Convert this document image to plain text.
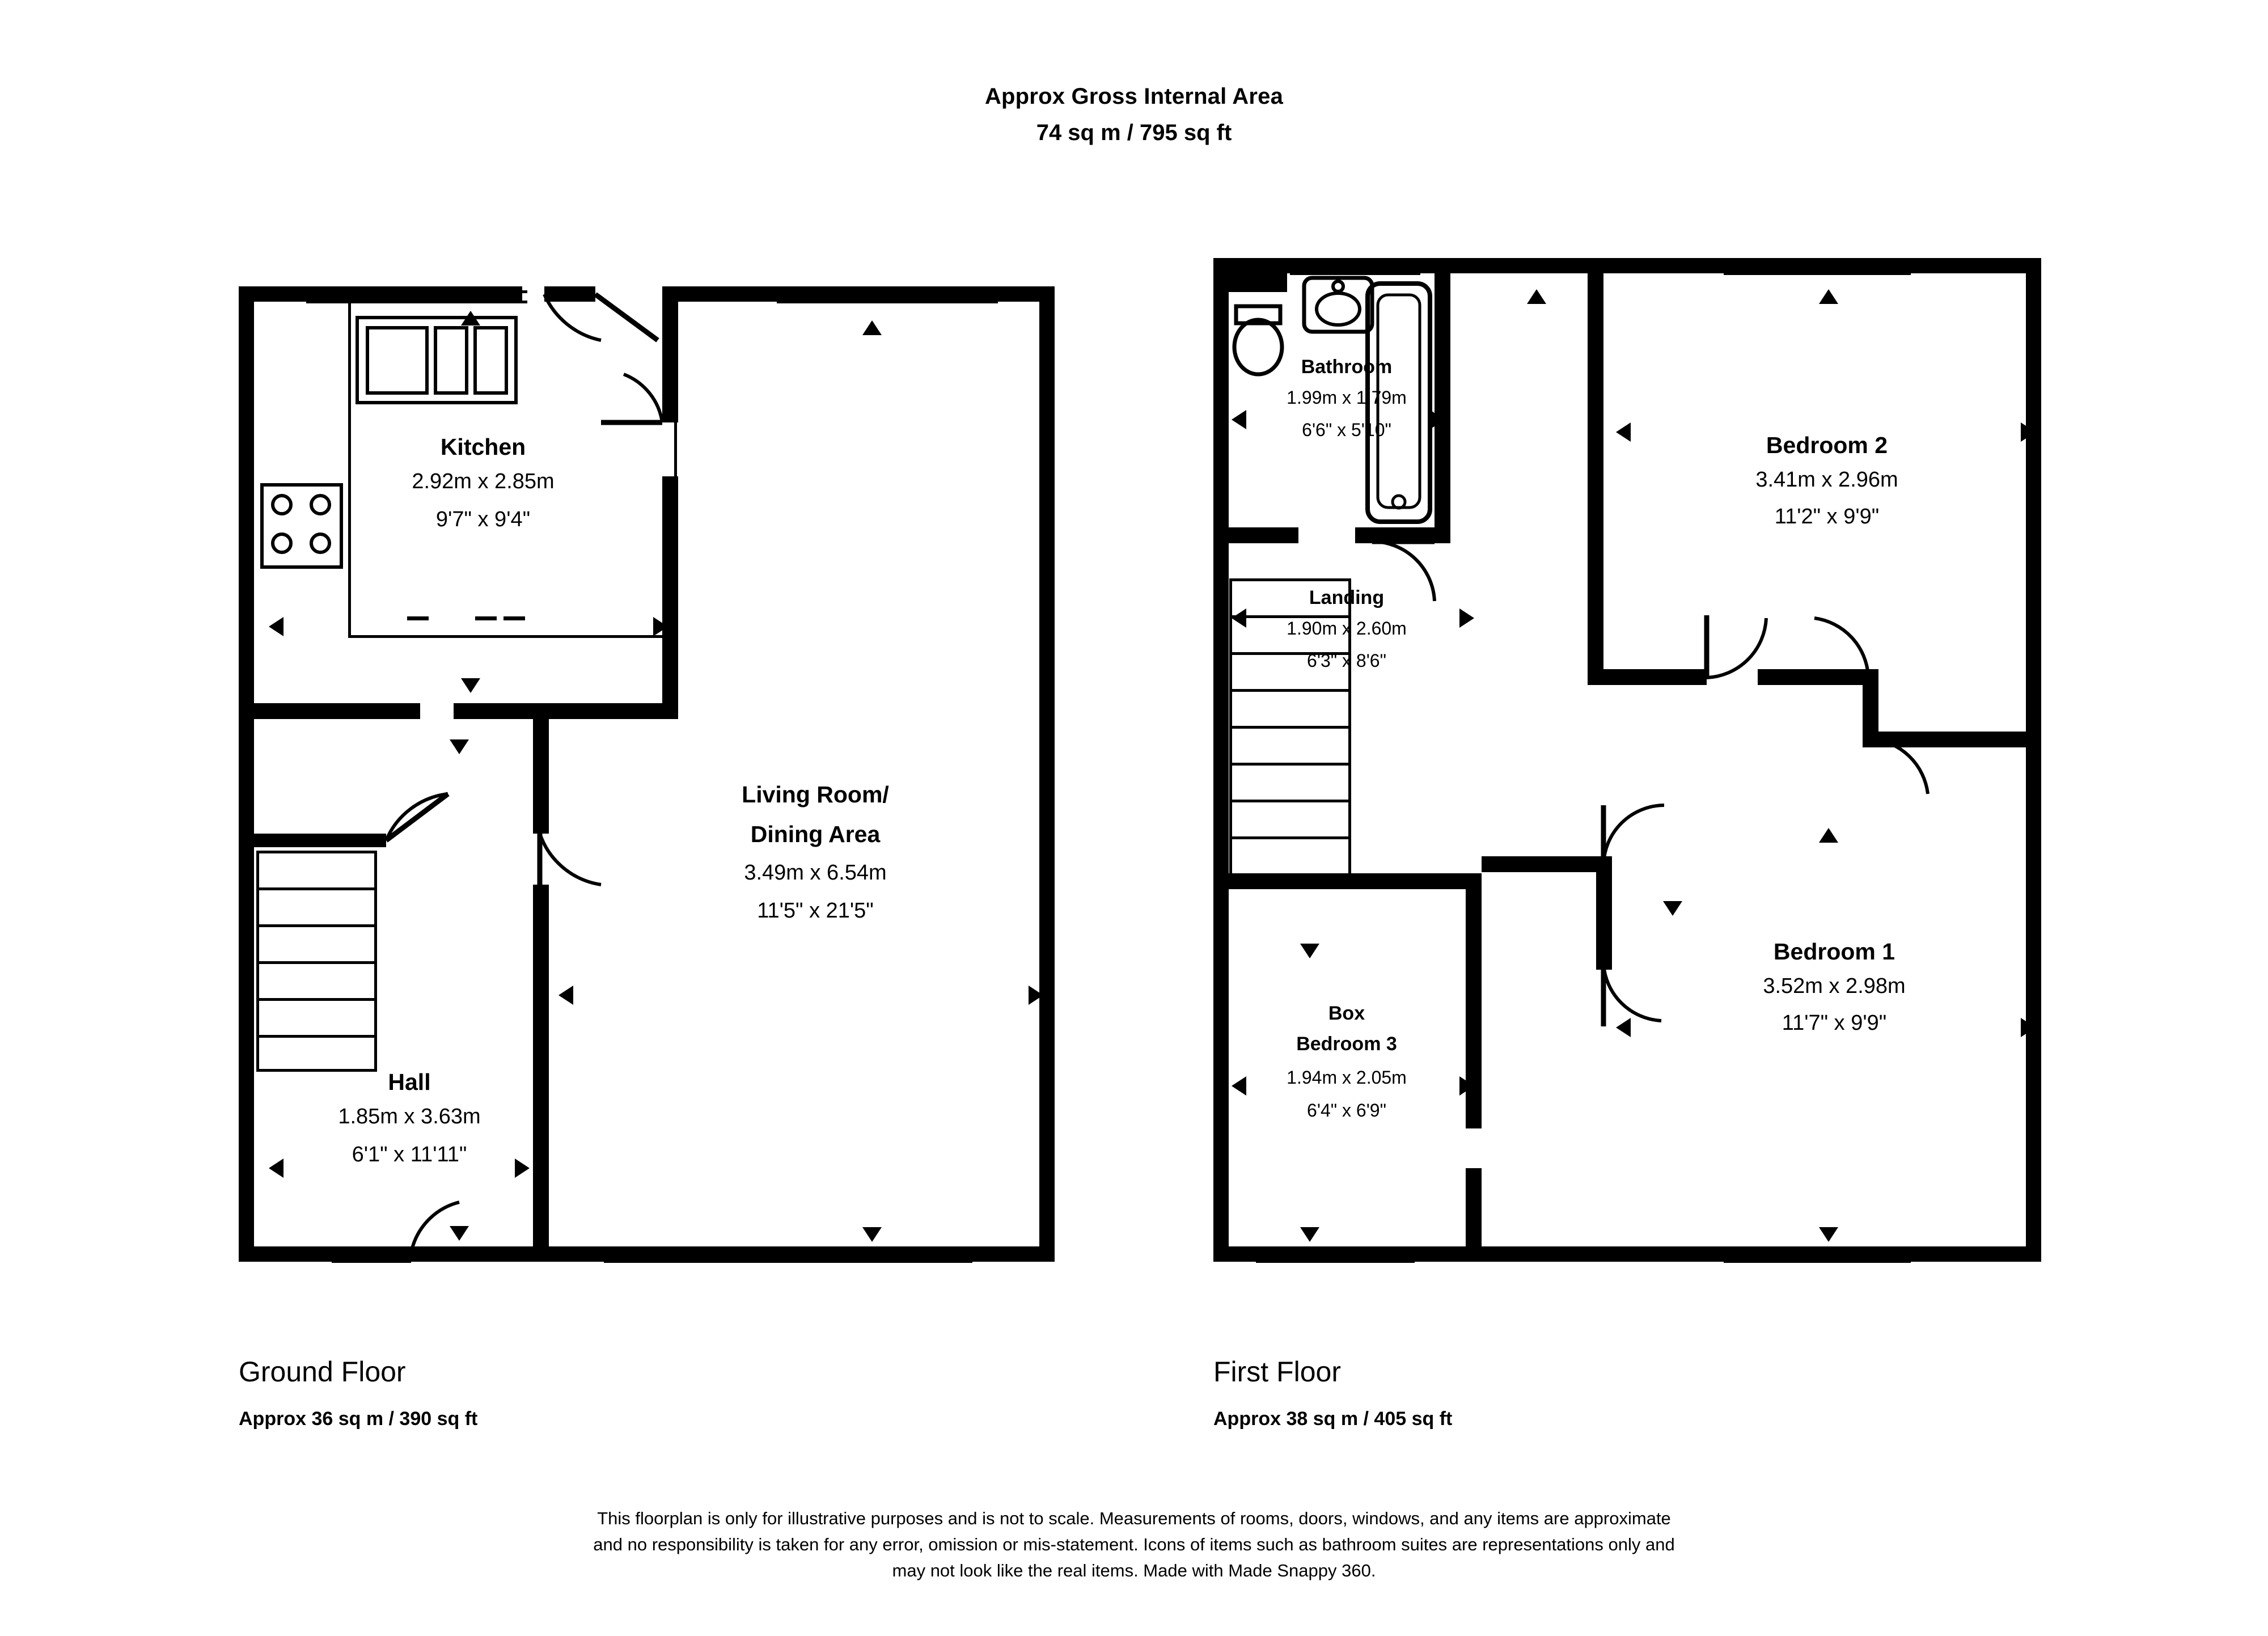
Approx Gross Internal Area
74 sq m / 795 sq ft
Kitchen
2.92m x 2.85m
9'7" x 9'4"
Living Room/
Dining Area
3.49m x 6.54m
11'5" x 21'5"
Hall
1.85m x 3.63m
6'1" x 11'11"
Bathroom
1.99m x 1.79m
6'6" x 5'10"
Landing
1.90m x 2.60m
6'3" x 8'6"
Bedroom 2
3.41m x 2.96m
11'2" x 9'9"
Bedroom 1
3.52m x 2.98m
11'7" x 9'9"
Box
Bedroom 3
1.94m x 2.05m
6'4" x 6'9"
Ground Floor
Approx 36 sq m / 390 sq ft
First Floor
Approx 38 sq m / 405 sq ft
This floorplan is only for illustrative purposes and is not to scale. Measurements of rooms, doors, windows, and any items are approximate
and no responsibility is taken for any error, omission or mis-statement. Icons of items such as bathroom suites are representations only and
may not look like the real items. Made with Made Snappy 360.
